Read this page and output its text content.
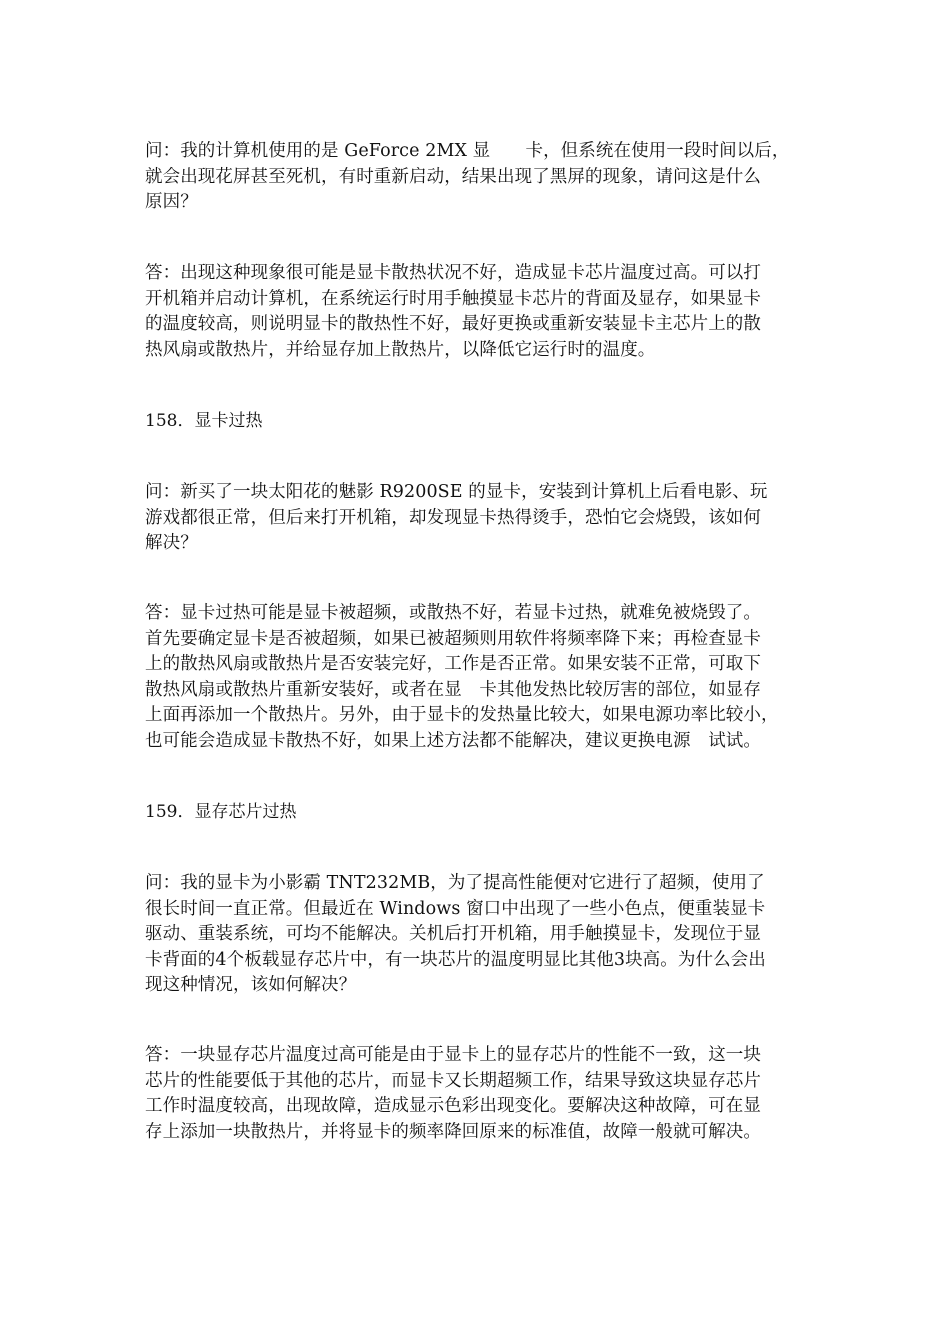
问：我的计算机使用的是 GeForce 2MX 显　　卡，但系统在使用一段时间以后，
就会出现花屏甚至死机，有时重新启动，结果出现了黑屏的现象，请问这是什么
原因？
答：出现这种现象很可能是显卡散热状况不好，造成显卡芯片温度过高。可以打
开机箱并启动计算机，在系统运行时用手触摸显卡芯片的背面及显存，如果显卡
的温度较高，则说明显卡的散热性不好，最好更换或重新安装显卡主芯片上的散
热风扇或散热片，并给显存加上散热片，以降低它运行时的温度。
158．显卡过热
问：新买了一块太阳花的魅影 R9200SE 的显卡，安装到计算机上后看电影、玩
游戏都很正常，但后来打开机箱，却发现显卡热得烫手，恐怕它会烧毁，该如何
解决？
答：显卡过热可能是显卡被超频，或散热不好，若显卡过热，就难免被烧毁了。
首先要确定显卡是否被超频，如果已被超频则用软件将频率降下来；再检查显卡
上的散热风扇或散热片是否安装完好，工作是否正常。如果安装不正常，可取下
散热风扇或散热片重新安装好，或者在显　卡其他发热比较厉害的部位，如显存
上面再添加一个散热片。另外，由于显卡的发热量比较大，如果电源功率比较小，
也可能会造成显卡散热不好，如果上述方法都不能解决，建议更换电源　试试。
159．显存芯片过热
问：我的显卡为小影霸 TNT232MB，为了提高性能便对它进行了超频，使用了
很长时间一直正常。但最近在 Windows 窗口中出现了一些小色点，便重装显卡
驱动、重装系统，可均不能解决。关机后打开机箱，用手触摸显卡，发现位于显
卡背面的4个板载显存芯片中，有一块芯片的温度明显比其他3块高。为什么会出
现这种情况，该如何解决？
答：一块显存芯片温度过高可能是由于显卡上的显存芯片的性能不一致，这一块
芯片的性能要低于其他的芯片，而显卡又长期超频工作，结果导致这块显存芯片
工作时温度较高，出现故障，造成显示色彩出现变化。要解决这种故障，可在显
存上添加一块散热片，并将显卡的频率降回原来的标准值，故障一般就可解决。
